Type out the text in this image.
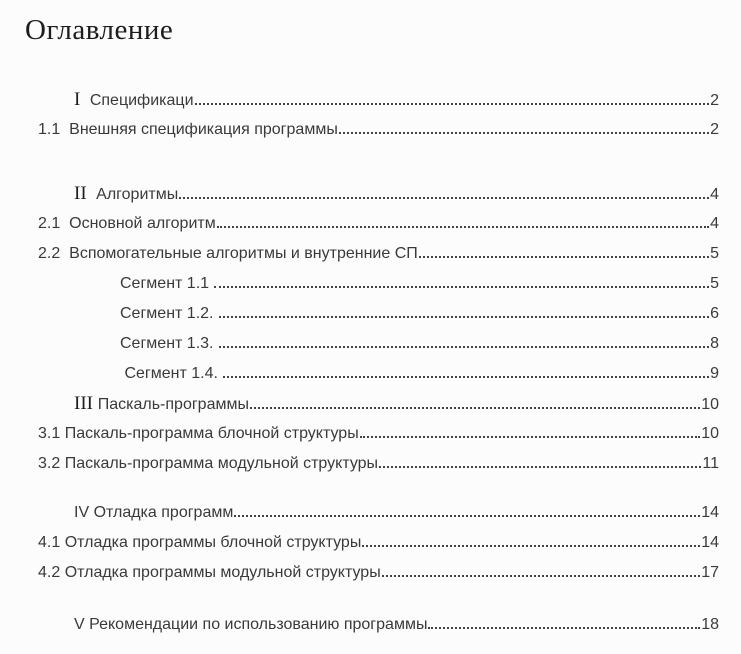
Оглавление
I Спецификаци	2
1.1 Внешняя спецификация программы	2
II Алгоритмы	4
2.1 Основной алгоритм	4
2.2 Вспомогательные алгоритмы и внутренние СП	5
Сегмент 1.1	5
Сегмент 1.2.	6
Сегмент 1.3.	8
Сегмент 1.4.	9
III Паскаль-программы	10
3.1 Паскаль-программа блочной структуры	10
3.2 Паскаль-программа модульной структуры	11
IV Отладка программ	14
4.1 Отладка программы блочной структуры	14
4.2 Отладка программы модульной структуры	17
V Рекомендации по использованию программы	18
